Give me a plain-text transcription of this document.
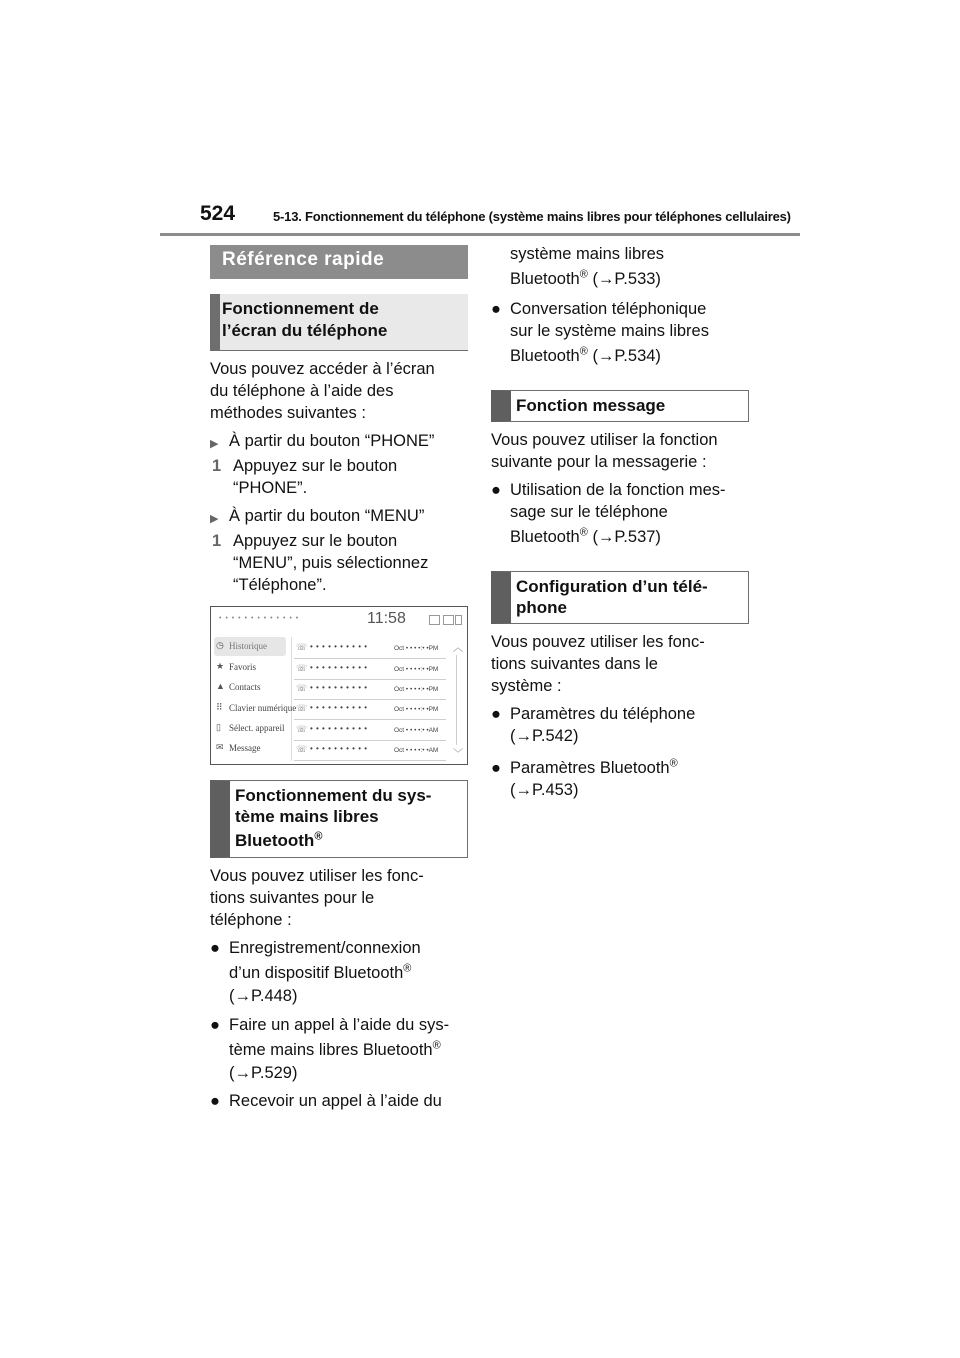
524	5-13. Fonctionnement du téléphone (système mains libres pour téléphones cellulaires)
Référence rapide
Fonctionnement de
l’écran du téléphone
Vous pouvez accéder à l’écran
du téléphone à l’aide des
méthodes suivantes :
▶ À partir du bouton “PHONE”
1 Appuyez sur le bouton
“PHONE”.
▶ À partir du bouton “MENU”
1 Appuyez sur le bouton
“MENU”, puis sélectionnez
“Téléphone”.
• • • • • • • • • • • • •	11:58
◷ Historique
★ Favoris
▲ Contacts
⠿ Clavier numérique
▯ Sélect. appareil
✉ Message
☏ • • • • • • • • • •	Oct • • • •:• •PM
☏ • • • • • • • • • •	Oct • • • •:• •PM
☏ • • • • • • • • • •	Oct • • • •:• •PM
☏ • • • • • • • • • •	Oct • • • •:• •PM
☏ • • • • • • • • • •	Oct • • • •:• •AM
☏ • • • • • • • • • •	Oct • • • •:• •AM
︿
﹀
Fonctionnement du sys-
tème mains libres
Bluetooth®
Vous pouvez utiliser les fonc-
tions suivantes pour le
téléphone :
● Enregistrement/connexion
d’un dispositif Bluetooth®
(→P.448)
● Faire un appel à l’aide du sys-
tème mains libres Bluetooth®
(→P.529)
● Recevoir un appel à l’aide du
système mains libres
Bluetooth® (→P.533)
● Conversation téléphonique
sur le système mains libres
Bluetooth® (→P.534)
Fonction message
Vous pouvez utiliser la fonction
suivante pour la messagerie :
● Utilisation de la fonction mes-
sage sur le téléphone
Bluetooth® (→P.537)
Configuration d’un télé-
phone
Vous pouvez utiliser les fonc-
tions suivantes dans le
système :
● Paramètres du téléphone
(→P.542)
● Paramètres Bluetooth®
(→P.453)
